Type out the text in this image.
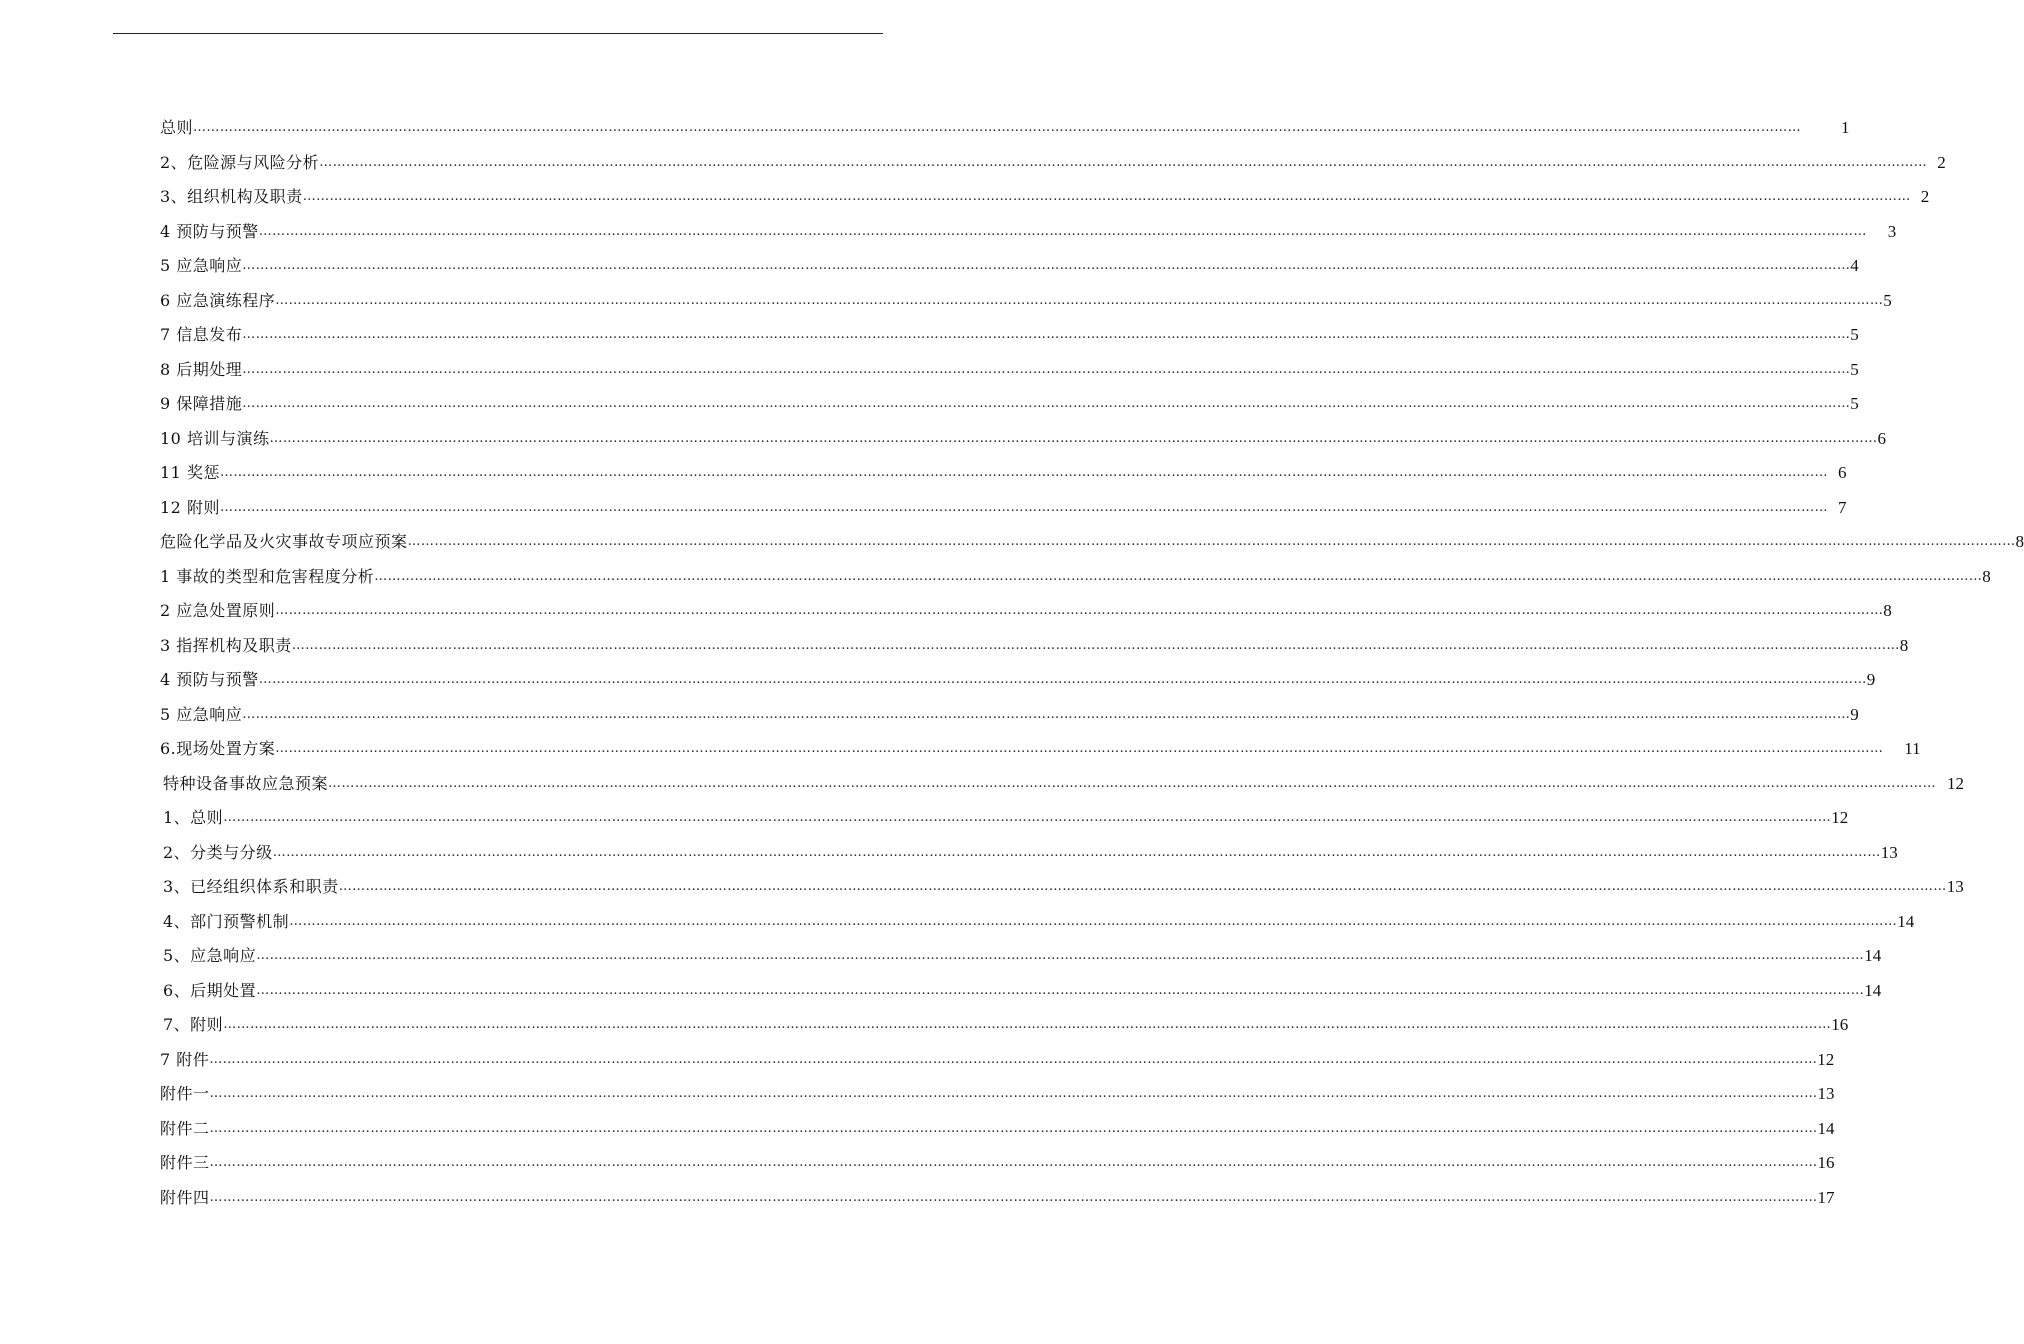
总则 ……………………………………………………………………………………………………………………………………………………………………………………………………………………………………………………………………………………………………………………………… 1
2、危险源与风险分析 ……………………………………………………………………………………………………………………………………………………………………………………………………………………………………………………………………………………………………………………………… 2
3、组织机构及职责 ……………………………………………………………………………………………………………………………………………………………………………………………………………………………………………………………………………………………………………………………… 2
4 预防与预警 ……………………………………………………………………………………………………………………………………………………………………………………………………………………………………………………………………………………………………………………………… 3
5 应急响应 ……………………………………………………………………………………………………………………………………………………………………………………………………………………………………………………………………………………………………………………………… 4
6 应急演练程序 ……………………………………………………………………………………………………………………………………………………………………………………………………………………………………………………………………………………………………………………………… 5
7 信息发布 ……………………………………………………………………………………………………………………………………………………………………………………………………………………………………………………………………………………………………………………………… 5
8 后期处理 ……………………………………………………………………………………………………………………………………………………………………………………………………………………………………………………………………………………………………………………………… 5
9 保障措施 ……………………………………………………………………………………………………………………………………………………………………………………………………………………………………………………………………………………………………………………………… 5
10 培训与演练 ……………………………………………………………………………………………………………………………………………………………………………………………………………………………………………………………………………………………………………………………… 6
11 奖惩 ……………………………………………………………………………………………………………………………………………………………………………………………………………………………………………………………………………………………………………………………… 6
12 附则 ……………………………………………………………………………………………………………………………………………………………………………………………………………………………………………………………………………………………………………………………… 7
危险化学品及火灾事故专项应预案 ……………………………………………………………………………………………………………………………………………………………………………………………………………………………………………………………………………………………………………………………… 8
1 事故的类型和危害程度分析 ……………………………………………………………………………………………………………………………………………………………………………………………………………………………………………………………………………………………………………………………… 8
2 应急处置原则 ……………………………………………………………………………………………………………………………………………………………………………………………………………………………………………………………………………………………………………………………… 8
3 指挥机构及职责 ……………………………………………………………………………………………………………………………………………………………………………………………………………………………………………………………………………………………………………………………… 8
4 预防与预警 ……………………………………………………………………………………………………………………………………………………………………………………………………………………………………………………………………………………………………………………………… 9
5 应急响应 ……………………………………………………………………………………………………………………………………………………………………………………………………………………………………………………………………………………………………………………………… 9
6.现场处置方案 ……………………………………………………………………………………………………………………………………………………………………………………………………………………………………………………………………………………………………………………………… 11
特种设备事故应急预案 ……………………………………………………………………………………………………………………………………………………………………………………………………………………………………………………………………………………………………………………………… 12
1、总则 ……………………………………………………………………………………………………………………………………………………………………………………………………………………………………………………………………………………………………………………………… 12
2、分类与分级 ……………………………………………………………………………………………………………………………………………………………………………………………………………………………………………………………………………………………………………………………… 13
3、已经组织体系和职责 ……………………………………………………………………………………………………………………………………………………………………………………………………………………………………………………………………………………………………………………………… 13
4、部门预警机制 ……………………………………………………………………………………………………………………………………………………………………………………………………………………………………………………………………………………………………………………………… 14
5、应急响应 ……………………………………………………………………………………………………………………………………………………………………………………………………………………………………………………………………………………………………………………………… 14
6、后期处置 ……………………………………………………………………………………………………………………………………………………………………………………………………………………………………………………………………………………………………………………………… 14
7、附则 ……………………………………………………………………………………………………………………………………………………………………………………………………………………………………………………………………………………………………………………………… 16
7 附件 ……………………………………………………………………………………………………………………………………………………………………………………………………………………………………………………………………………………………………………………………… 12
附件一 ……………………………………………………………………………………………………………………………………………………………………………………………………………………………………………………………………………………………………………………………… 13
附件二 ……………………………………………………………………………………………………………………………………………………………………………………………………………………………………………………………………………………………………………………………… 14
附件三 ……………………………………………………………………………………………………………………………………………………………………………………………………………………………………………………………………………………………………………………………… 16
附件四 ……………………………………………………………………………………………………………………………………………………………………………………………………………………………………………………………………………………………………………………………… 17
